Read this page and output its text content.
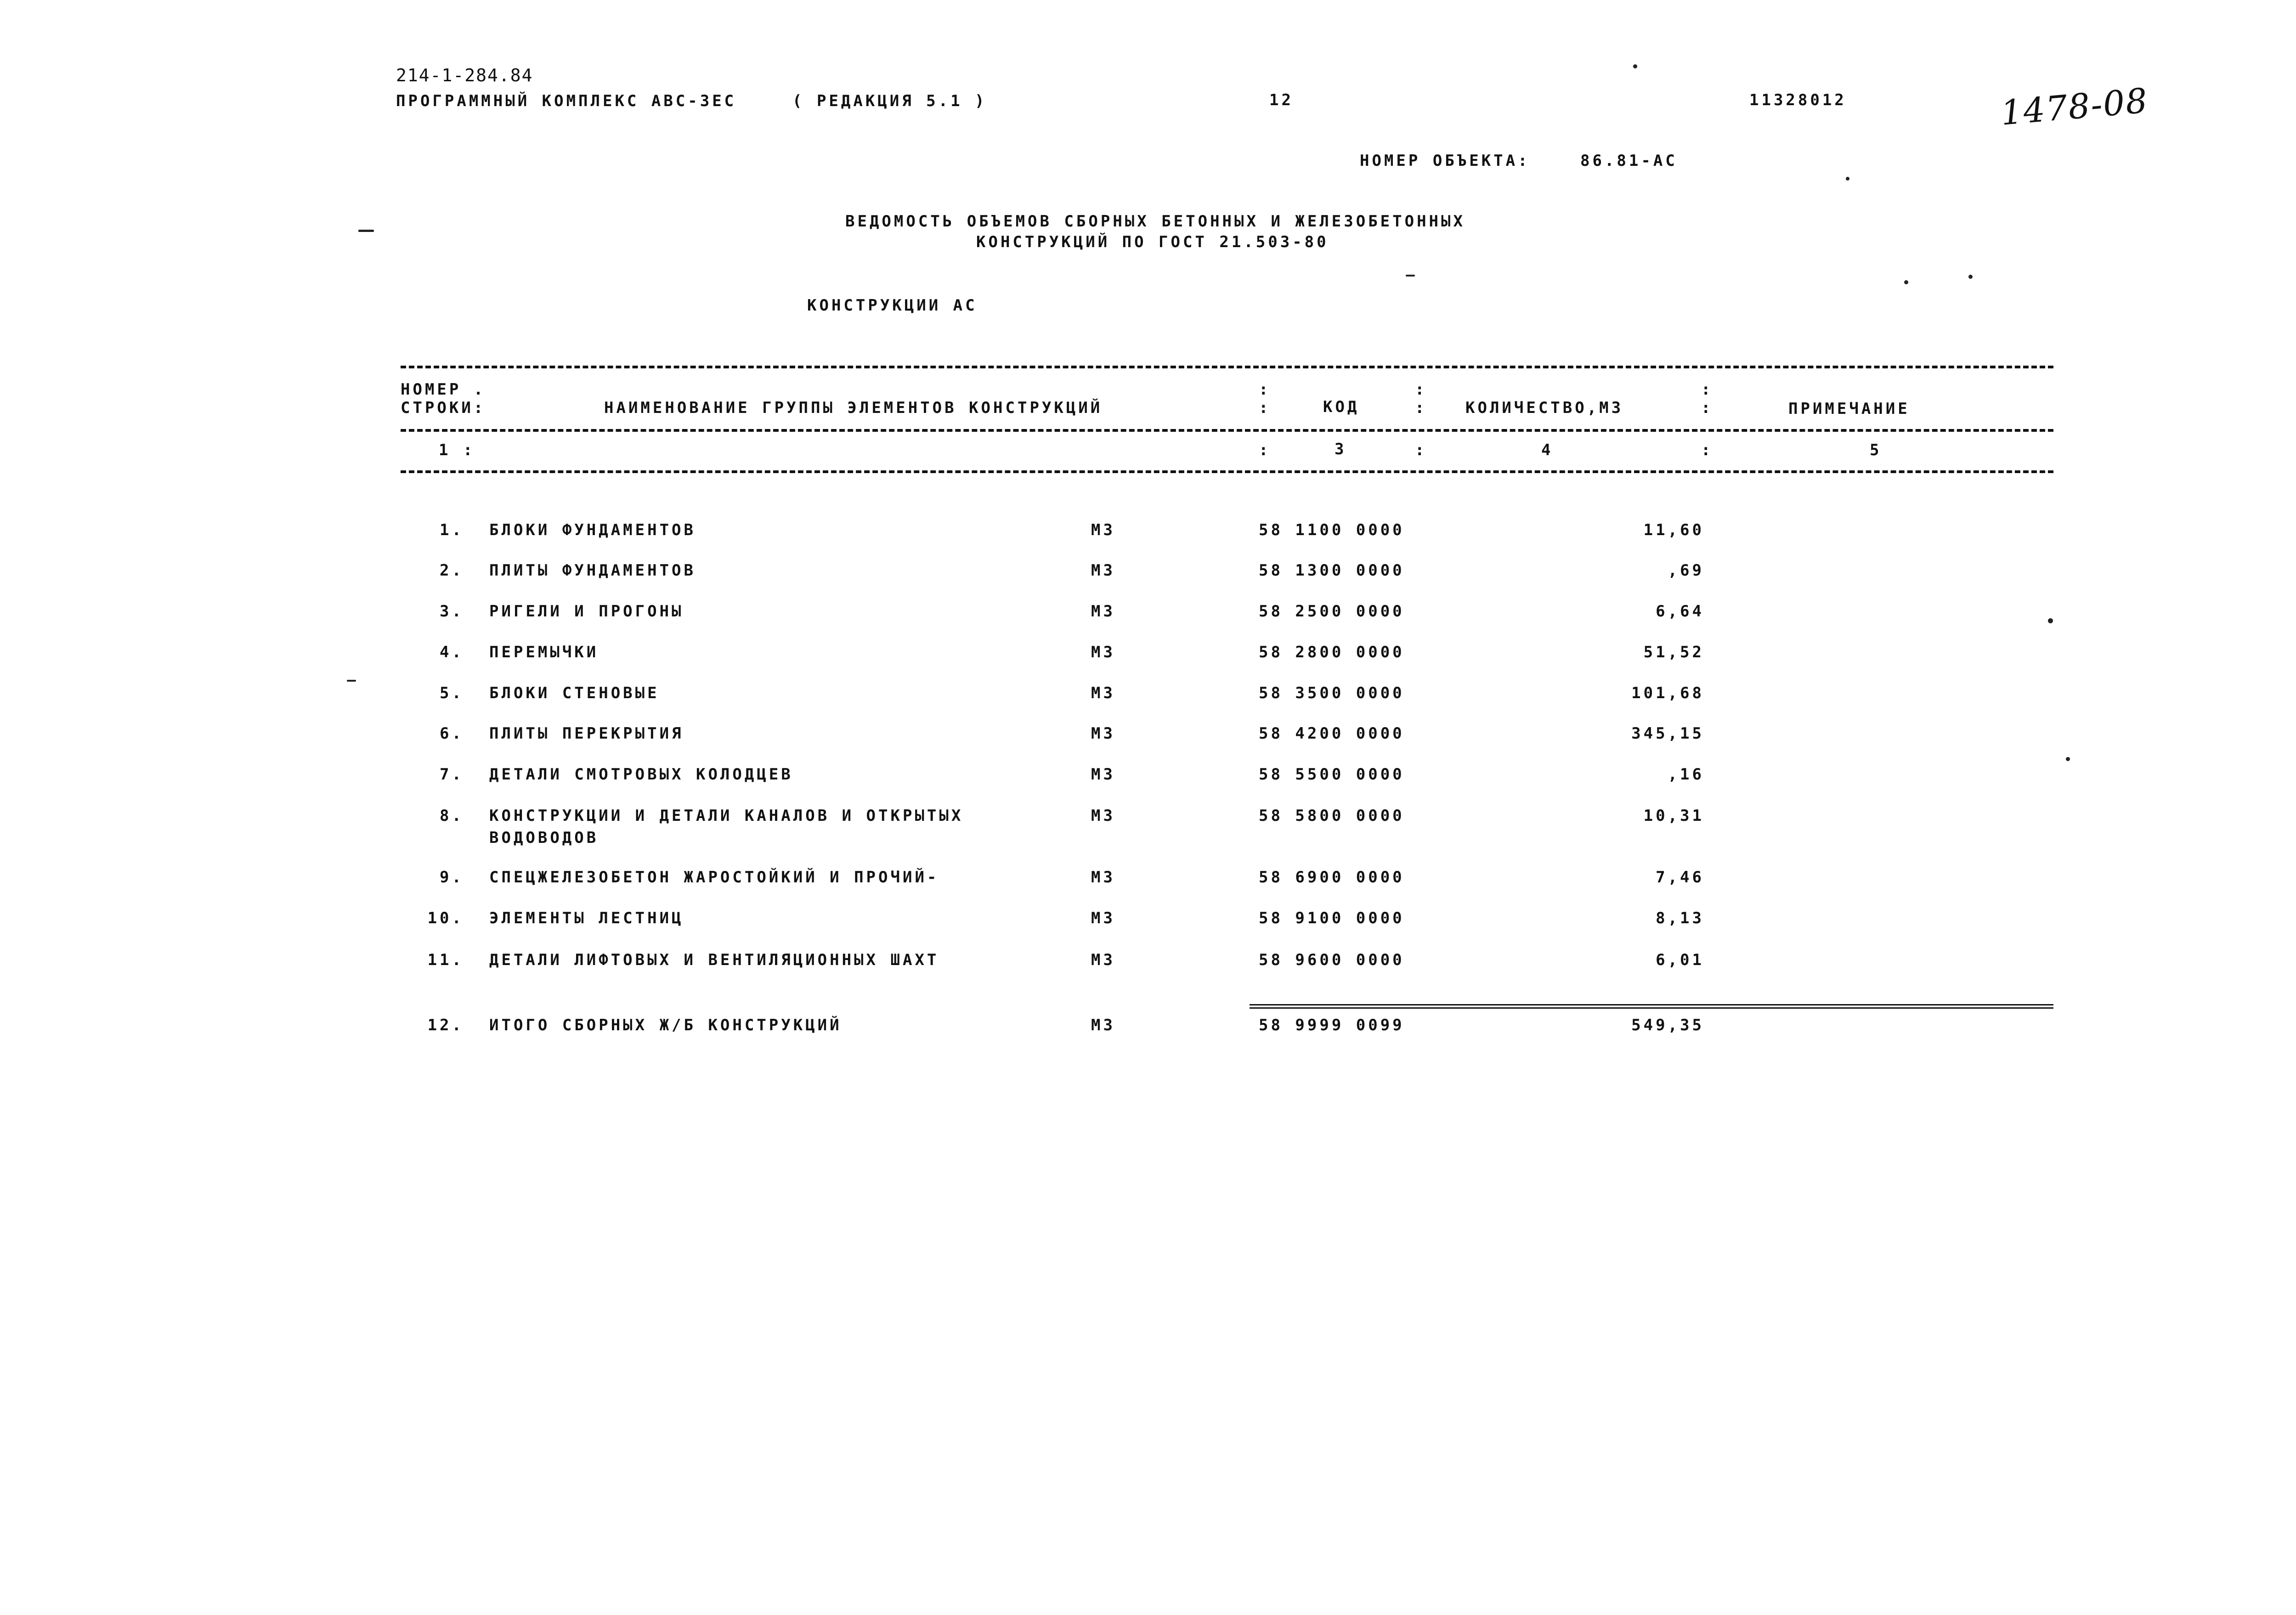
214-1-284.84
ПРОГРАММНЫЙ КОМПЛЕКС АВС-ЗЕС	( РЕДАКЦИЯ 5.1 )	12	11328012	1478-08
НОМЕР ОБЪЕКТА:	86.81-АС
ВЕДОМОСТЬ ОБЪЕМОВ СБОРНЫХ БЕТОННЫХ И ЖЕЛЕЗОБЕТОННЫХ
КОНСТРУКЦИЙ ПО ГОСТ 21.503-80
КОНСТРУКЦИИ АС
:
:
:
:
:
:
НОМЕР .
СТРОКИ:	НАИМЕНОВАНИЕ ГРУППЫ ЭЛЕМЕНТОВ КОНСТРУКЦИЙ	КОД	КОЛИЧЕСТВО,М3	ПРИМЕЧАНИЕ
1 :	:	3	:	4	:	5
1. БЛОКИ ФУНДАМЕНТОВ	М3	58 1100 0000	11,60
2. ПЛИТЫ ФУНДАМЕНТОВ	М3	58 1300 0000	,69
3. РИГЕЛИ И ПРОГОНЫ	М3	58 2500 0000	6,64
4. ПЕРЕМЫЧКИ	М3	58 2800 0000	51,52
5. БЛОКИ СТЕНОВЫЕ	М3	58 3500 0000	101,68
6. ПЛИТЫ ПЕРЕКРЫТИЯ	М3	58 4200 0000	345,15
7. ДЕТАЛИ СМОТРОВЫХ КОЛОДЦЕВ	М3	58 5500 0000	,16
8. КОНСТРУКЦИИ И ДЕТАЛИ КАНАЛОВ И ОТКРЫТЫХ
ВОДОВОДОВ
М3	58 5800 0000	10,31
9. СПЕЦЖЕЛЕЗОБЕТОН ЖАРОСТОЙКИЙ И ПРОЧИЙ-	М3	58 6900 0000	7,46
10. ЭЛЕМЕНТЫ ЛЕСТНИЦ	М3	58 9100 0000	8,13
11. ДЕТАЛИ ЛИФТОВЫХ И ВЕНТИЛЯЦИОННЫХ ШАХТ	М3	58 9600 0000	6,01
12. ИТОГО СБОРНЫХ Ж/Б КОНСТРУКЦИЙ	М3	58 9999 0099	549,35
